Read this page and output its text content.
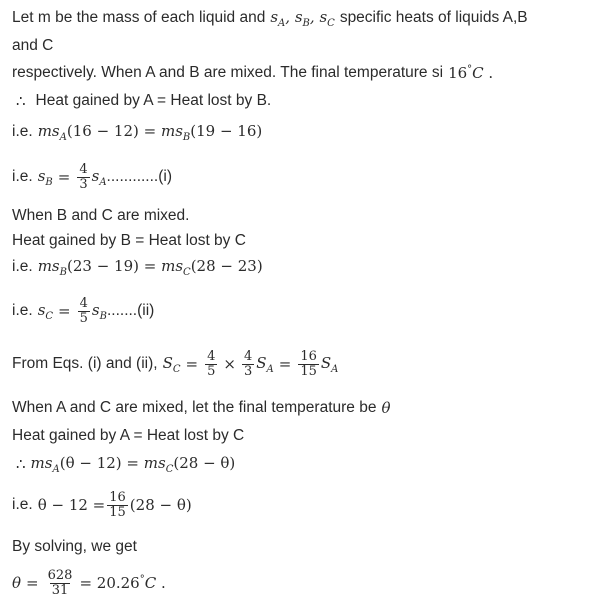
Let m be the mass of each liquid and $s_A$, $s_B$, $s_C$ specific heats of liquids A,B
and C
respectively. When A and B are mixed. The final temperature si 16°C .
∴ Heat gained by A = Heat lost by B.
i.e. $ms_A(16 - 12) = ms_B(19 - 16)$
i.e. $s_B = \frac{4}{3} s_A$ ............(i)
When B and C are mixed.
Heat gained by B = Heat lost by C
i.e. $ms_B(23 - 19) = ms_C(28 - 23)$
i.e. $s_C = \frac{4}{5} s_B$ .......(ii)
From Eqs. (i) and (ii), $S_C = \frac{4}{5} \times \frac{4}{3} S_A = \frac{16}{15} S_A$
When A and C are mixed, let the final temperature be θ
Heat gained by A = Heat lost by C
∴ $ms_A(\theta - 12) = ms_C(28 - \theta)$
i.e. $\theta - 12 = \frac{16}{15} (28 - \theta)$
By solving, we get
$\theta = \frac{628}{31} = 20.26^\circ C$ .
